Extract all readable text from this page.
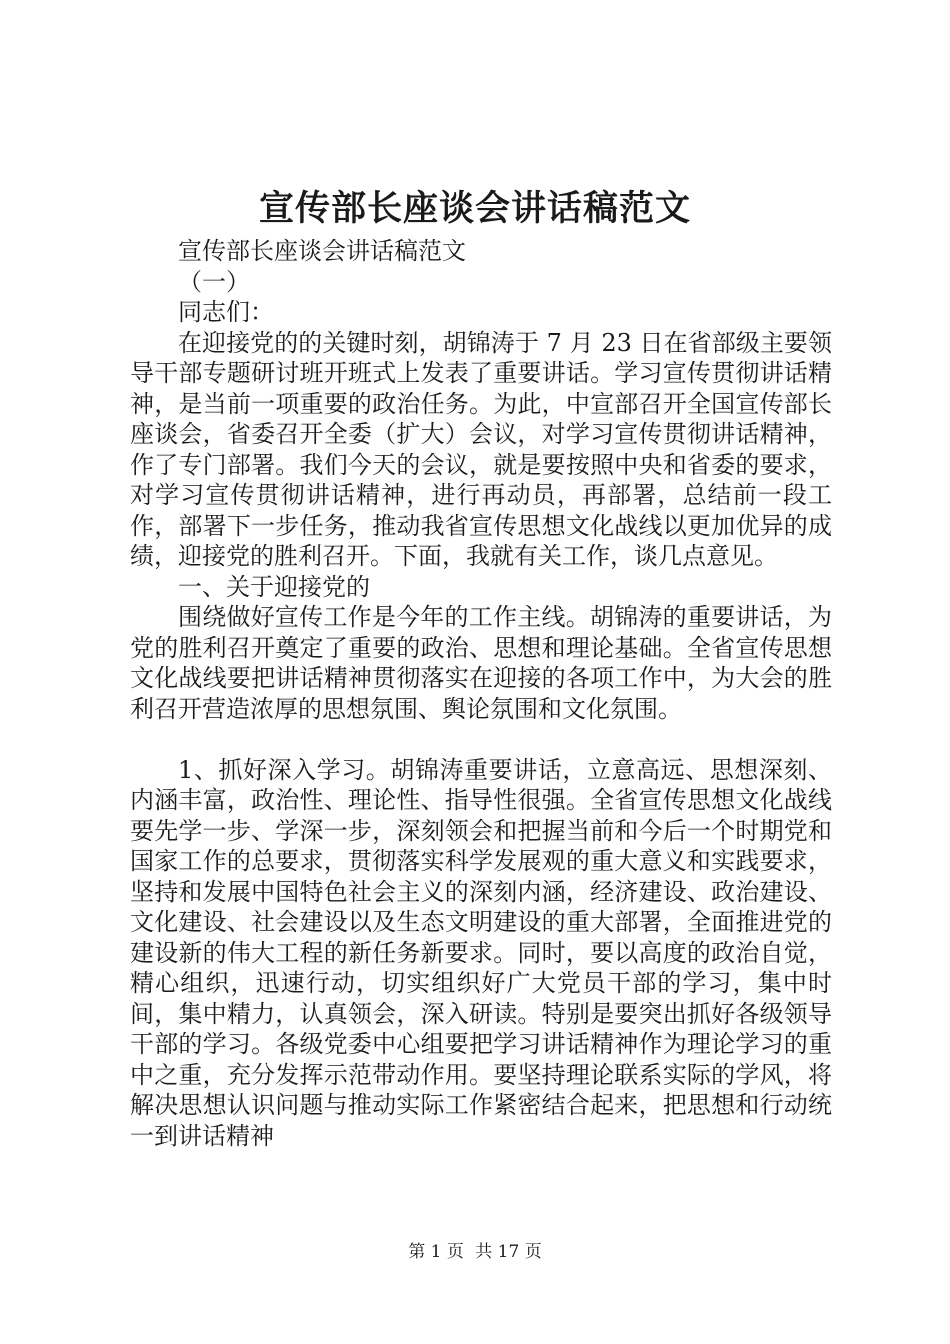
宣传部长座谈会讲话稿范文

宣传部长座谈会讲话稿范文

（一）

同志们：

在迎接党的的关键时刻，胡锦涛于 7 月 23 日在省部级主要领导干部专题研讨班开班式上发表了重要讲话。学习宣传贯彻讲话精神，是当前一项重要的政治任务。为此，中宣部召开全国宣传部长座谈会，省委召开全委（扩大）会议，对学习宣传贯彻讲话精神，作了专门部署。我们今天的会议，就是要按照中央和省委的要求，对学习宣传贯彻讲话精神，进行再动员，再部署，总结前一段工作，部署下一步任务，推动我省宣传思想文化战线以更加优异的成绩，迎接党的胜利召开。下面，我就有关工作，谈几点意见。

一、关于迎接党的

围绕做好宣传工作是今年的工作主线。胡锦涛的重要讲话，为党的胜利召开奠定了重要的政治、思想和理论基础。全省宣传思想文化战线要把讲话精神贯彻落实在迎接的各项工作中，为大会的胜利召开营造浓厚的思想氛围、舆论氛围和文化氛围。

1、抓好深入学习。胡锦涛重要讲话，立意高远、思想深刻、内涵丰富，政治性、理论性、指导性很强。全省宣传思想文化战线要先学一步、学深一步，深刻领会和把握当前和今后一个时期党和国家工作的总要求，贯彻落实科学发展观的重大意义和实践要求，坚持和发展中国特色社会主义的深刻内涵，经济建设、政治建设、文化建设、社会建设以及生态文明建设的重大部署，全面推进党的建设新的伟大工程的新任务新要求。同时，要以高度的政治自觉，精心组织，迅速行动，切实组织好广大党员干部的学习，集中时间，集中精力，认真领会，深入研读。特别是要突出抓好各级领导干部的学习。各级党委中心组要把学习讲话精神作为理论学习的重中之重，充分发挥示范带动作用。要坚持理论联系实际的学风，将解决思想认识问题与推动实际工作紧密结合起来，把思想和行动统一到讲话精神

第 1 页 共 17 页
